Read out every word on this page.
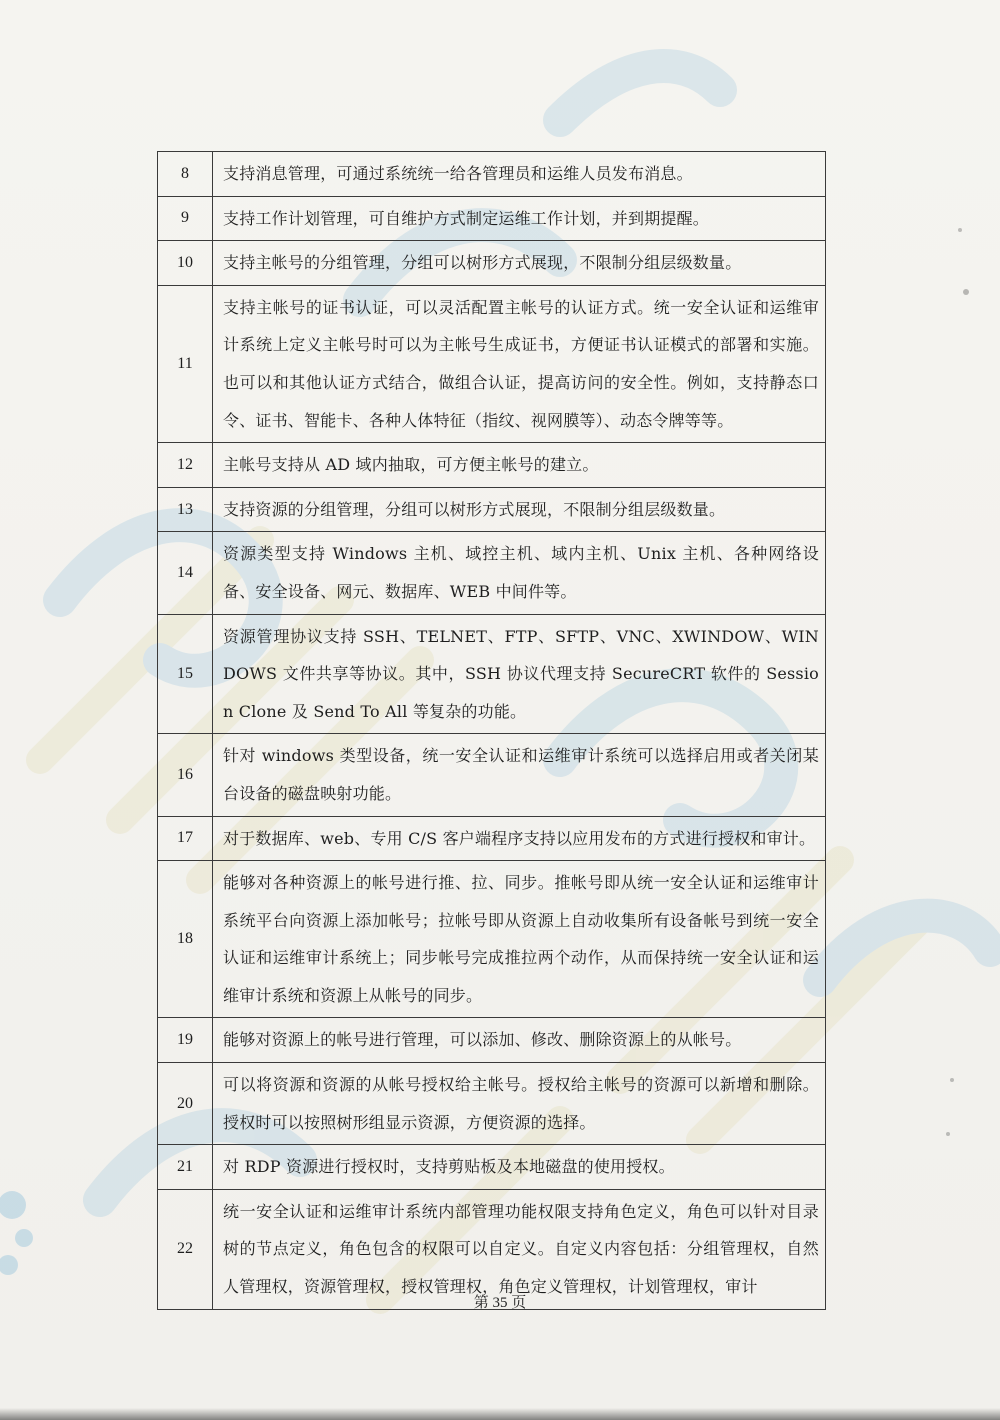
8	支持消息管理，可通过系统统一给各管理员和运维人员发布消息。
9	支持工作计划管理，可自维护方式制定运维工作计划，并到期提醒。
10	支持主帐号的分组管理，分组可以树形方式展现，不限制分组层级数量。
11	支持主帐号的证书认证，可以灵活配置主帐号的认证方式。统一安全认证和运维审计系统上定义主帐号时可以为主帐号生成证书，方便证书认证模式的部署和实施。也可以和其他认证方式结合，做组合认证，提高访问的安全性。例如，支持静态口令、证书、智能卡、各种人体特征（指纹、视网膜等）、动态令牌等等。
12	主帐号支持从 AD 域内抽取，可方便主帐号的建立。
13	支持资源的分组管理，分组可以树形方式展现，不限制分组层级数量。
14	资源类型支持 Windows 主机、域控主机、域内主机、Unix 主机、各种网络设备、安全设备、网元、数据库、WEB 中间件等。
15	资源管理协议支持 SSH、TELNET、FTP、SFTP、VNC、XWINDOW、WINDOWS 文件共享等协议。其中，SSH 协议代理支持 SecureCRT 软件的 Session Clone 及 Send To All 等复杂的功能。
16	针对 windows 类型设备，统一安全认证和运维审计系统可以选择启用或者关闭某台设备的磁盘映射功能。
17	对于数据库、web、专用 C/S 客户端程序支持以应用发布的方式进行授权和审计。
18	能够对各种资源上的帐号进行推、拉、同步。推帐号即从统一安全认证和运维审计系统平台向资源上添加帐号；拉帐号即从资源上自动收集所有设备帐号到统一安全认证和运维审计系统上；同步帐号完成推拉两个动作，从而保持统一安全认证和运维审计系统和资源上从帐号的同步。
19	能够对资源上的帐号进行管理，可以添加、修改、删除资源上的从帐号。
20	可以将资源和资源的从帐号授权给主帐号。授权给主帐号的资源可以新增和删除。授权时可以按照树形组显示资源，方便资源的选择。
21	对 RDP 资源进行授权时，支持剪贴板及本地磁盘的使用授权。
22	统一安全认证和运维审计系统内部管理功能权限支持角色定义，角色可以针对目录树的节点定义，角色包含的权限可以自定义。自定义内容包括：分组管理权，自然人管理权，资源管理权，授权管理权，角色定义管理权，计划管理权，审计
第 35 页
